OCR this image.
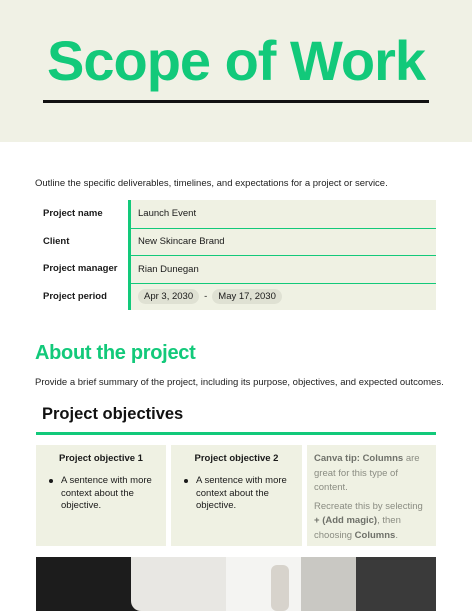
Scope of Work
Outline the specific deliverables, timelines, and expectations for a project or service.
Project name	Launch Event
Client	New Skincare Brand
Project manager	Rian Dunegan
Project period	Apr 3, 2030	-	May 17, 2030
About the project
Provide a brief summary of the project, including its purpose, objectives, and expected outcomes.
Project objectives
Project objective 1
A sentence with more context about the objective.
Project objective 2
A sentence with more context about the objective.

Canva tip: Columns are great for this type of content.

Recreate this by selecting + (Add magic), then choosing Columns.
